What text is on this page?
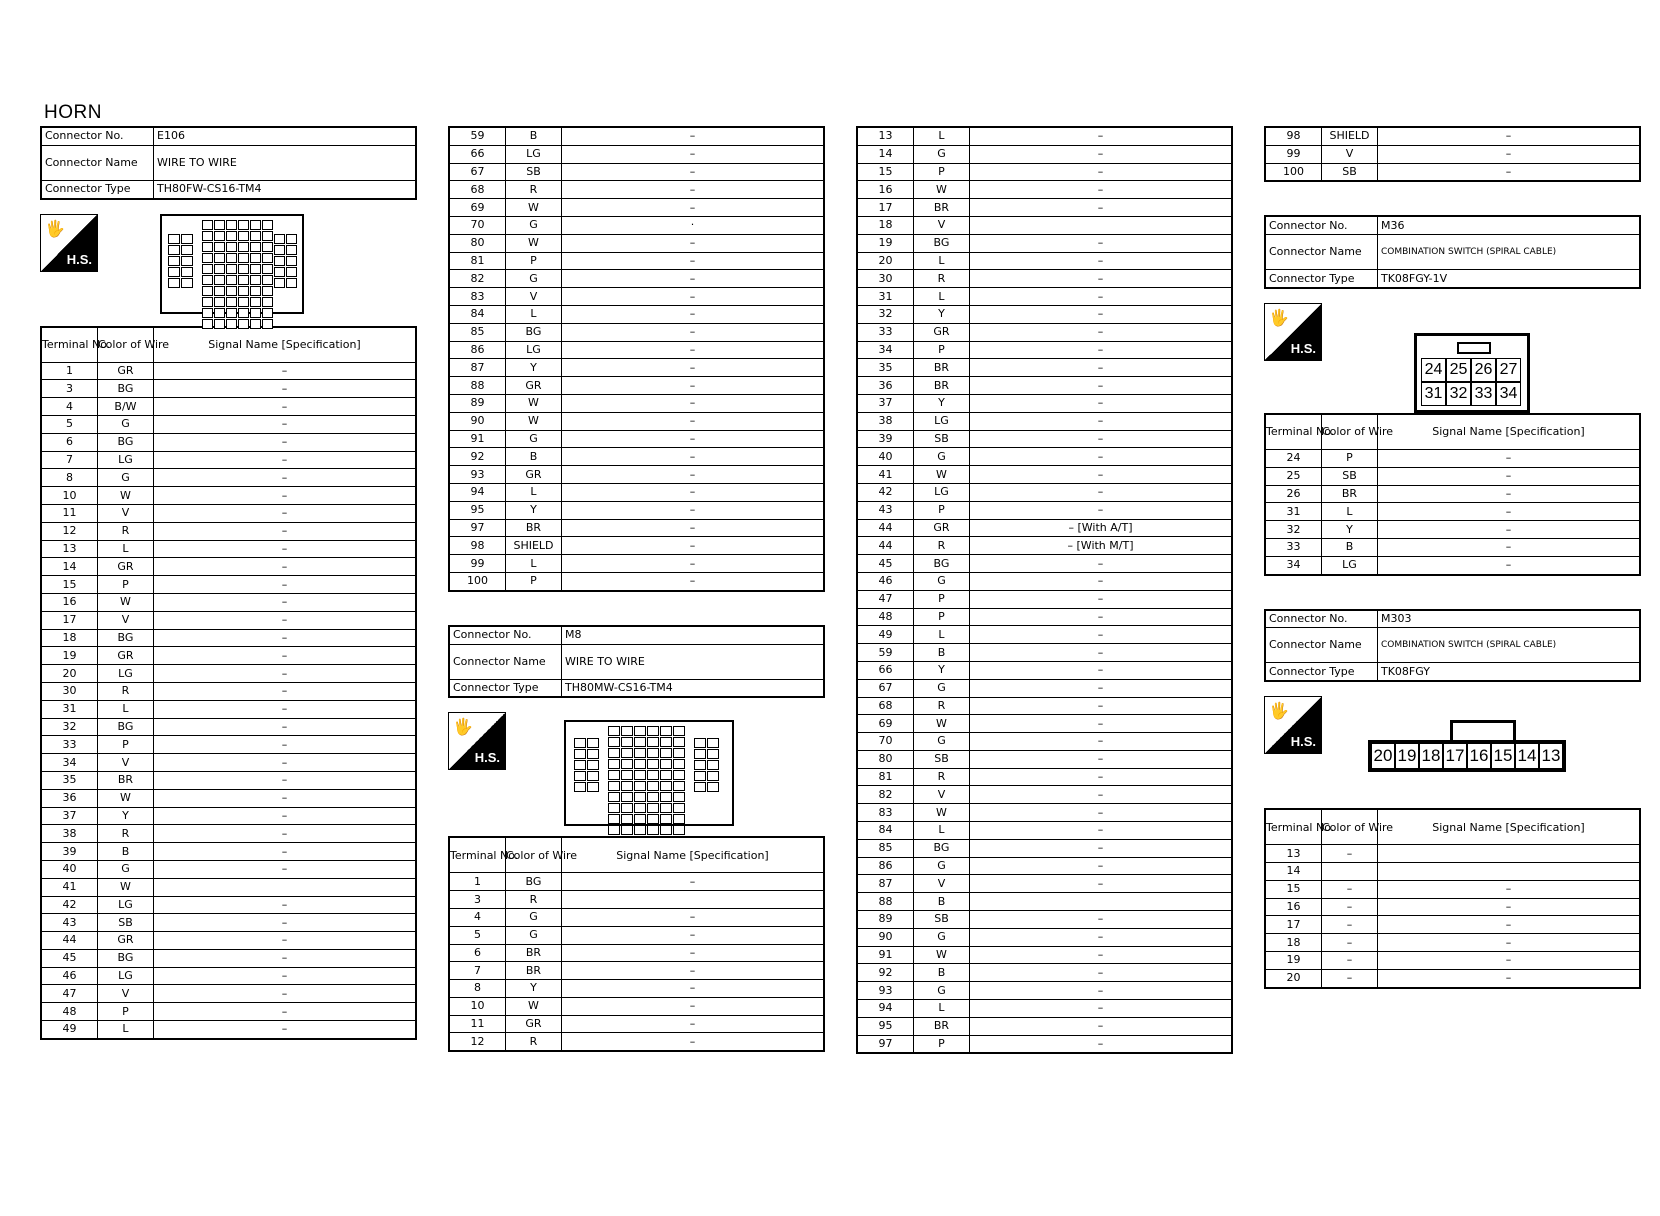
HORN
Connector No.	E106
Connector Name	WIRE TO WIRE
Connector Type	TH80FW-CS16-TM4
🖐
H.S.
Terminal No.	Color of Wire	Signal Name [Specification]
1	GR	–
3	BG	–
4	B/W	–
5	G	–
6	BG	–
7	LG	–
8	G	–
10	W	–
11	V	–
12	R	–
13	L	–
14	GR	–
15	P	–
16	W	–
17	V	–
18	BG	–
19	GR	–
20	LG	–
30	R	–
31	L	–
32	BG	–
33	P	–
34	V	–
35	BR	–
36	W	–
37	Y	–
38	R	–
39	B	–
40	G	–
41	W	
42	LG	–
43	SB	–
44	GR	–
45	BG	–
46	LG	–
47	V	–
48	P	–
49	L	–
59	B	–
66	LG	–
67	SB	–
68	R	–
69	W	–
70	G	·
80	W	–
81	P	–
82	G	–
83	V	–
84	L	–
85	BG	–
86	LG	–
87	Y	–
88	GR	–
89	W	–
90	W	–
91	G	–
92	B	–
93	GR	–
94	L	–
95	Y	–
97	BR	–
98	SHIELD	–
99	L	–
100	P	–
Connector No.	M8
Connector Name	WIRE TO WIRE
Connector Type	TH80MW-CS16-TM4
🖐
H.S.
Terminal No.	Color of Wire	Signal Name [Specification]
1	BG	–
3	R	
4	G	–
5	G	–
6	BR	–
7	BR	–
8	Y	–
10	W	–
11	GR	–
12	R	–
13	L	–
14	G	–
15	P	–
16	W	–
17	BR	–
18	V	
19	BG	–
20	L	–
30	R	–
31	L	–
32	Y	–
33	GR	–
34	P	–
35	BR	–
36	BR	–
37	Y	–
38	LG	–
39	SB	–
40	G	–
41	W	–
42	LG	–
43	P	–
44	GR	– [With A/T]
44	R	– [With M/T]
45	BG	–
46	G	–
47	P	–
48	P	–
49	L	–
59	B	–
66	Y	–
67	G	–
68	R	–
69	W	–
70	G	–
80	SB	–
81	R	–
82	V	–
83	W	–
84	L	–
85	BG	–
86	G	–
87	V	–
88	B	
89	SB	–
90	G	–
91	W	–
92	B	–
93	G	–
94	L	–
95	BR	–
97	P	–
98	SHIELD	–
99	V	–
100	SB	–
Connector No.	M36
Connector Name	COMBINATION SWITCH (SPIRAL CABLE)
Connector Type	TK08FGY-1V
🖐
H.S.
24 25 26 27
31 32 33 34
Terminal No.	Color of Wire	Signal Name [Specification]
24	P	–
25	SB	–
26	BR	–
31	L	–
32	Y	–
33	B	–
34	LG	–
Connector No.	M303
Connector Name	COMBINATION SWITCH (SPIRAL CABLE)
Connector Type	TK08FGY
🖐
H.S.
20 19 18 17 16 15 14 13
Terminal No.	Color of Wire	Signal Name [Specification]
13	–	
14		
15	–	–
16	–	–
17	–	–
18	–	–
19	–	–
20	–	–
